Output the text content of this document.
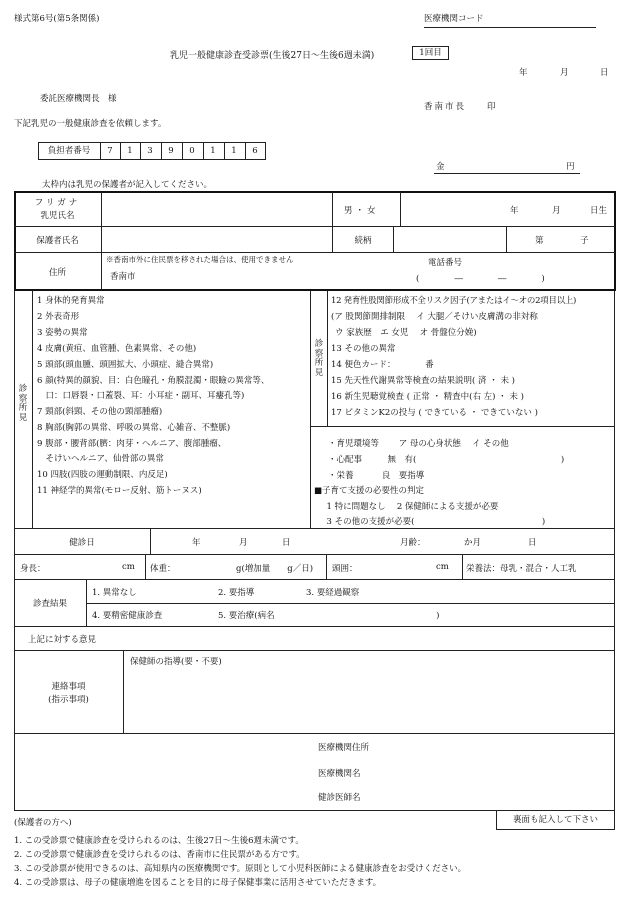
様式第6号(第5条関係)	医療機関コード
乳児一般健康診査受診票(生後27日～生後6週未満)	1回目
年	月	日
委託医療機関長　様
香南市長　　印
下記乳児の一般健康診査を依頼します。
負担者番号	7	1	3	9	0	1	1	6
金	円
太枠内は乳児の保護者が記入してください。
フリガナ
乳児氏名	男・女	年	月	日生
保護者氏名	続柄	第	子
住所
※香南市外に住民票を移された場合は、使用できません	電話番号
(　　―　　―　　)
香南市
診察所見
診察所見
1 身体的発育異常
2 外表奇形
3 姿勢の異常
4 皮膚(黄疸、血管腫、色素異常、その他)
5 頭部(頭血腫、頭囲拡大、小頭症、縫合異常)
6 顔(特異的顔貌、目：白色瞳孔・角膜混濁・眼瞼の異常等、
　口：口唇裂・口蓋裂、耳：小耳症・副耳、耳瘻孔等)
7 頸部(斜頸、その他の頸部腫瘤)
8 胸部(胸郭の異常、呼吸の異常、心雑音、不整脈)
9 腹部・腰背部(臍：肉芽・ヘルニア、腹部腫瘤、
　そけいヘルニア、仙骨部の異常
10 四肢(四肢の運動制限、内反足)
11 神経学的異常(モロー反射、筋トーヌス)
12 発育性股関節形成不全リスク因子(アまたはイ～オの2項目以上)
(ア 股関節開排制限　 イ 大腿／そけい皮膚溝の非対称
ウ 家族歴　エ 女児　 オ 骨盤位分娩)
13 その他の異常
14 便色カード：　　　　番
15 先天性代謝異常等検査の結果説明( 済 ・ 未 )
16 新生児聴覚検査 ( 正常 ・ 精査中(右 左) ・ 未 )
17 ビタミンK2の投与 ( できている ・ できていない )
・育児環境等　　 ア 母の心身状態　 イ その他
・心配事　　　無　有(　　　　　　　　　　　　　　　　　)
・栄養　　　 良　要指導
■子育て支援の必要性の判定
　1 特に問題なし　 2 保健師による支援が必要
　3 その他の支援が必要(　　　　　　　　　　　　　　　)
健診日	年	月	日	月齢：	か月	日
身長：	cm 体重：	g(増加量　　g／日) 頭囲：	cm 栄養法：母乳・混合・人工乳
診査結果
1. 異常なし	2. 要指導	3. 要経過観察
4. 要精密健康診査	5. 要治療(病名　　　　　　　　　　　　　　　　　　　)
上記に対する意見
連絡事項
(指示事項)
保健師の指導(要・不要)
医療機関住所
医療機関名
健診医師名
裏面も記入して下さい
(保護者の方へ)
1. この受診票で健康診査を受けられるのは、生後27日～生後6週未満です。
2. この受診票で健康診査を受けられるのは、香南市に住民票がある方です。
3. この受診票が使用できるのは、高知県内の医療機関です。原則として小児科医師による健康診査をお受けください。
4. この受診票は、母子の健康増進を図ることを目的に母子保健事業に活用させていただきます。
